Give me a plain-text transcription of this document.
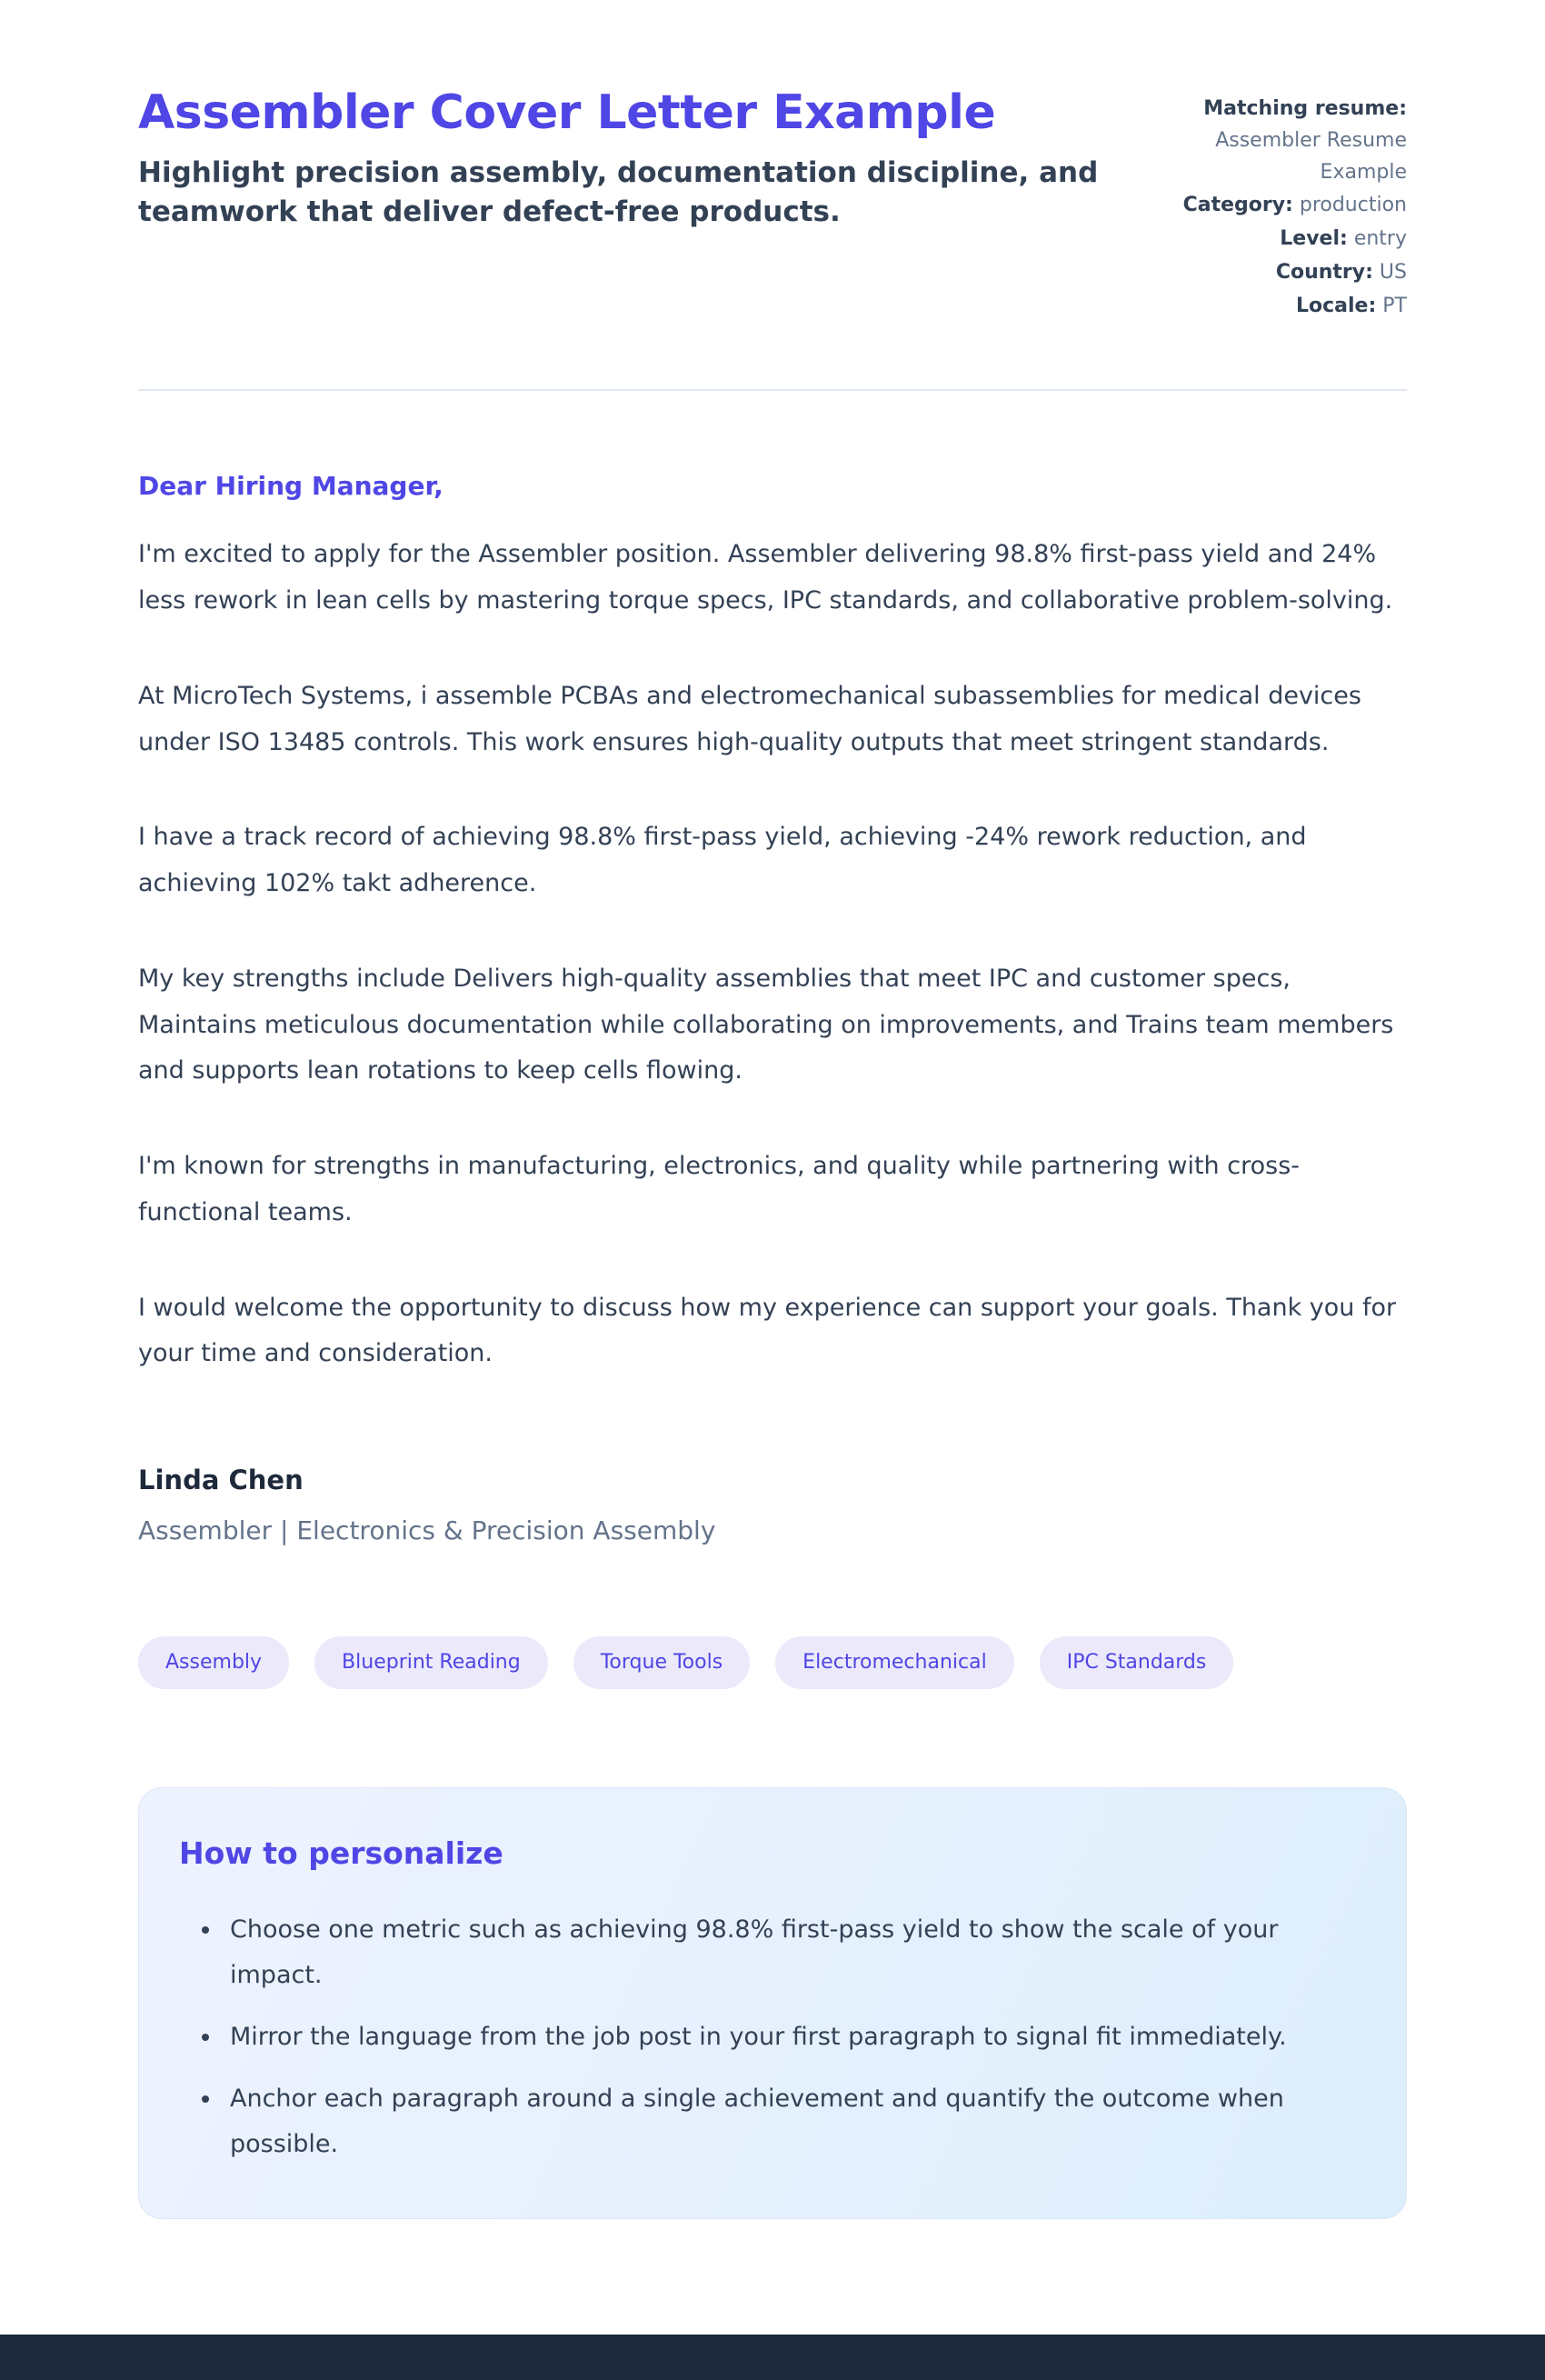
Assembler Cover Letter Example
Highlight precision assembly, documentation discipline, and teamwork that deliver defect-free products.
Matching resume: Assembler Resume Example
Category: production
Level: entry
Country: US
Locale: PT

Dear Hiring Manager,

I'm excited to apply for the Assembler position. Assembler delivering 98.8% first-pass yield and 24% less rework in lean cells by mastering torque specs, IPC standards, and collaborative problem-solving.

At MicroTech Systems, i assemble PCBAs and electromechanical subassemblies for medical devices under ISO 13485 controls. This work ensures high-quality outputs that meet stringent standards.

I have a track record of achieving 98.8% first-pass yield, achieving -24% rework reduction, and achieving 102% takt adherence.

My key strengths include Delivers high-quality assemblies that meet IPC and customer specs, Maintains meticulous documentation while collaborating on improvements, and Trains team members and supports lean rotations to keep cells flowing.

I'm known for strengths in manufacturing, electronics, and quality while partnering with cross-functional teams.

I would welcome the opportunity to discuss how my experience can support your goals. Thank you for your time and consideration.

Linda Chen

Assembler | Electronics & Precision Assembly

Assembly	Blueprint Reading	Torque Tools	Electromechanical	IPC Standards
How to personalize
• Choose one metric such as achieving 98.8% first-pass yield to show the scale of your impact.
• Mirror the language from the job post in your first paragraph to signal fit immediately.
• Anchor each paragraph around a single achievement and quantify the outcome when possible.
